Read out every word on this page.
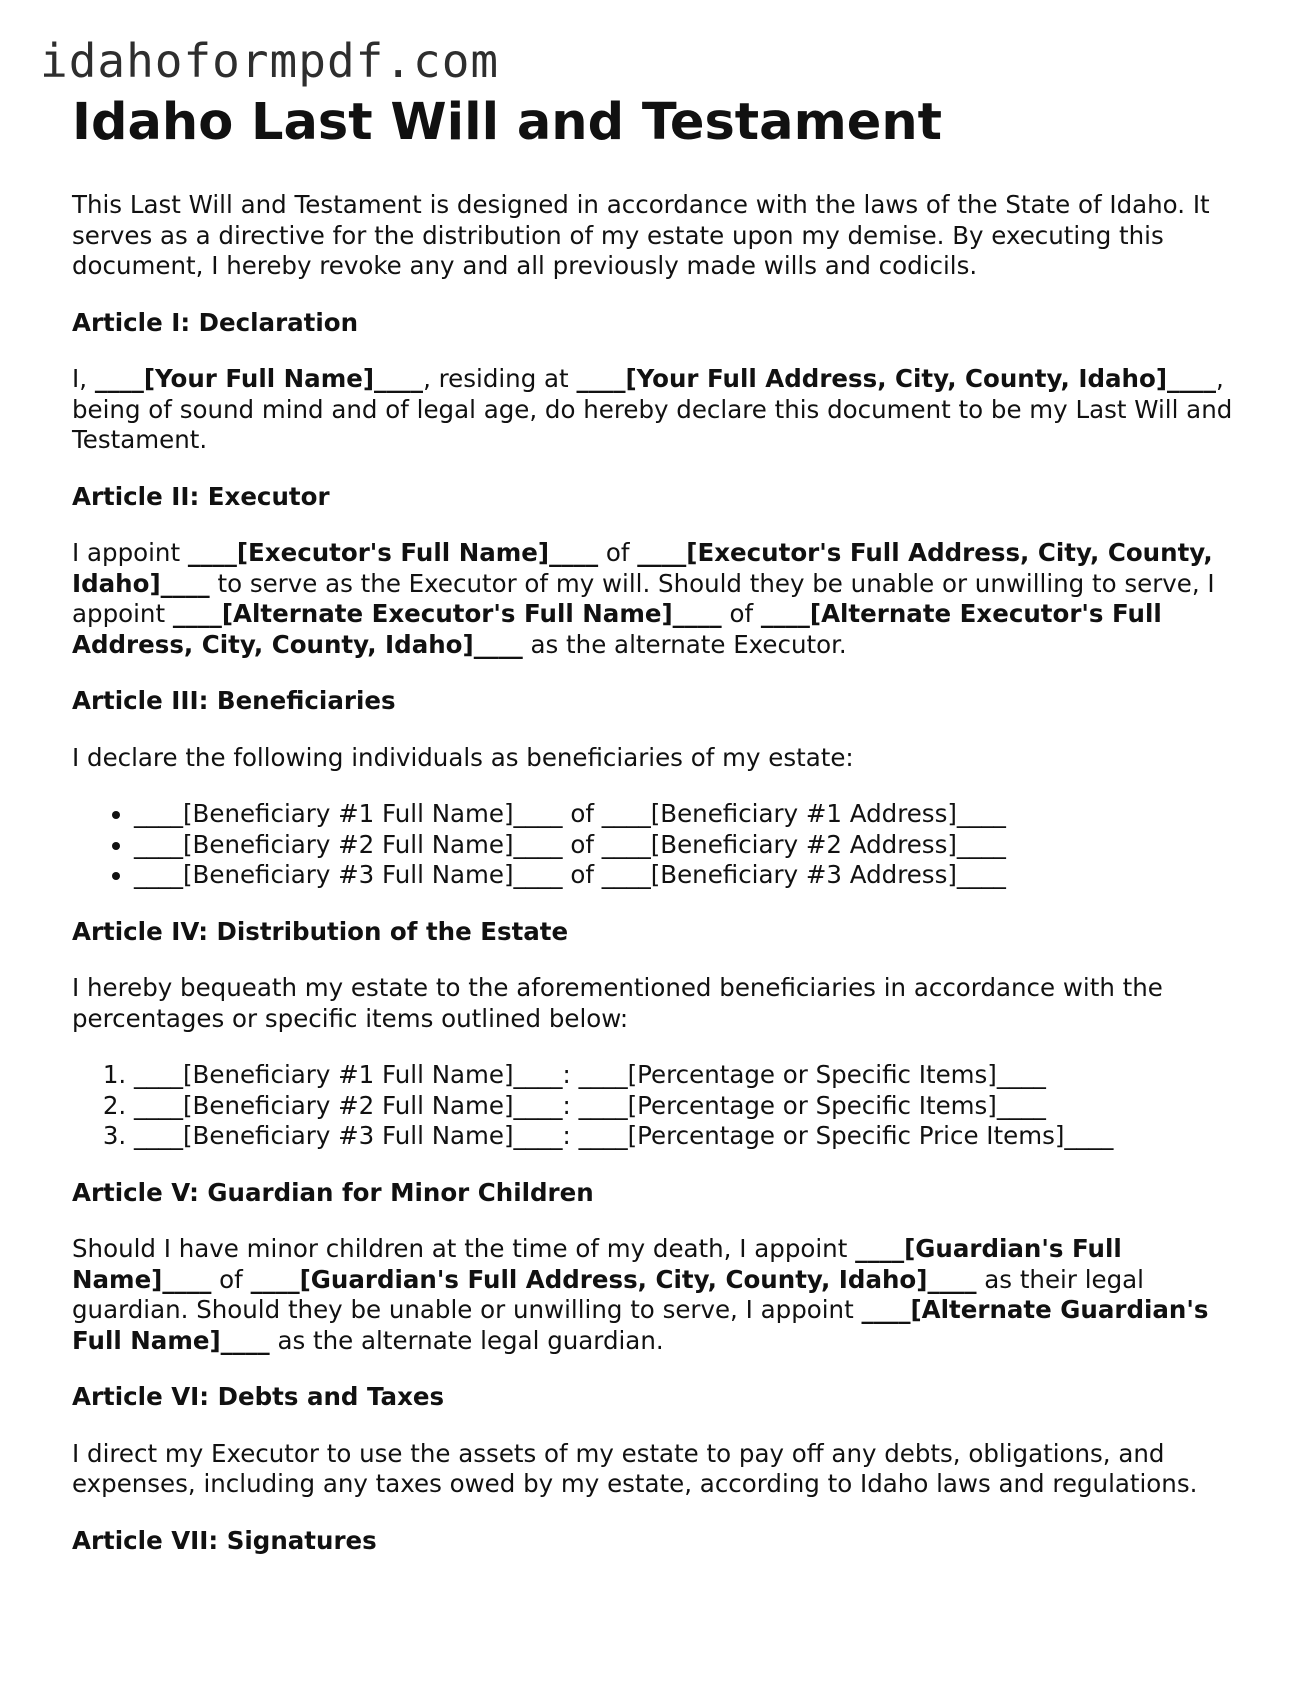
idahoformpdf.com
Idaho Last Will and Testament

This Last Will and Testament is designed in accordance with the laws of the State of Idaho. It serves as a directive for the distribution of my estate upon my demise. By executing this document, I hereby revoke any and all previously made wills and codicils.

Article I: Declaration

I, ____[Your Full Name]____, residing at ____[Your Full Address, City, County, Idaho]____, being of sound mind and of legal age, do hereby declare this document to be my Last Will and Testament.

Article II: Executor

I appoint ____[Executor's Full Name]____ of ____[Executor's Full Address, City, County, Idaho]____ to serve as the Executor of my will. Should they be unable or unwilling to serve, I appoint ____[Alternate Executor's Full Name]____ of ____[Alternate Executor's Full Address, City, County, Idaho]____ as the alternate Executor.

Article III: Beneficiaries

I declare the following individuals as beneficiaries of my estate:

• ____[Beneficiary #1 Full Name]____ of ____[Beneficiary #1 Address]____
• ____[Beneficiary #2 Full Name]____ of ____[Beneficiary #2 Address]____
• ____[Beneficiary #3 Full Name]____ of ____[Beneficiary #3 Address]____
Article IV: Distribution of the Estate

I hereby bequeath my estate to the aforementioned beneficiaries in accordance with the percentages or specific items outlined below:

1. ____[Beneficiary #1 Full Name]____: ____[Percentage or Specific Items]____
2. ____[Beneficiary #2 Full Name]____: ____[Percentage or Specific Items]____
3. ____[Beneficiary #3 Full Name]____: ____[Percentage or Specific Price Items]____
Article V: Guardian for Minor Children

Should I have minor children at the time of my death, I appoint ____[Guardian's Full Name]____ of ____[Guardian's Full Address, City, County, Idaho]____ as their legal guardian. Should they be unable or unwilling to serve, I appoint ____[Alternate Guardian's Full Name]____ as the alternate legal guardian.

Article VI: Debts and Taxes

I direct my Executor to use the assets of my estate to pay off any debts, obligations, and expenses, including any taxes owed by my estate, according to Idaho laws and regulations.

Article VII: Signatures
